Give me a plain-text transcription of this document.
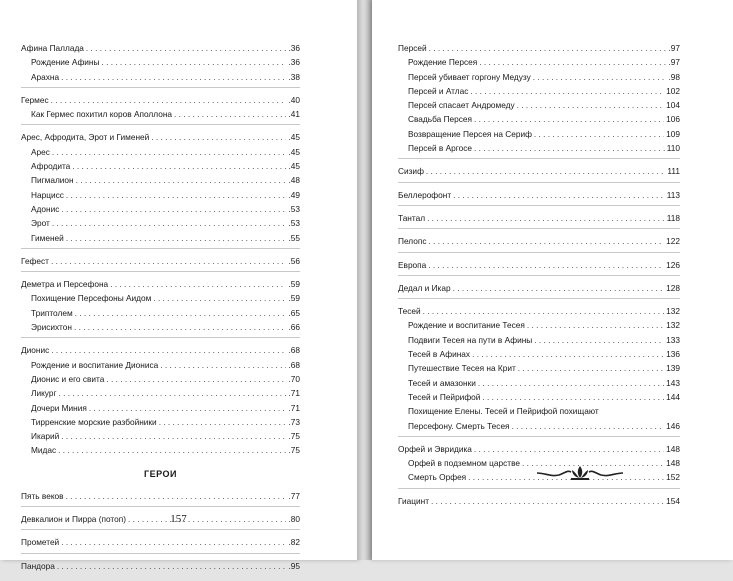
Афина Паллада . . .	.36
Рождение Афины . . .	.36
Арахна . . .	.38
Гермес . . .	.40
Как Гермес похитил коров Аполлона . . .	.41
Арес, Афродита, Эрот и Гименей . . .	.45
Арес . . .	.45
Афродита . . .	.45
Пигмалион . . .	.48
Нарцисс . . .	.49
Адонис . . .	.53
Эрот . . .	.53
Гименей . . .	.55
Гефест . . .	.56
Деметра и Персефона . . .	.59
Похищение Персефоны Аидом . . .	.59
Триптолем . . .	.65
Эрисихтон . . .	.66
Дионис . . .	.68
Рождение и воспитание Диониса . . .	.68
Дионис и его свита . . .	.70
Ликург . . .	.71
Дочери Миния . . .	.71
Тирренские морские разбойники . . .	.73
Икарий . . .	.75
Мидас . . .	.75
ГЕРОИ
Пять веков . . .	.77
Девкалион и Пирра (потоп) . . .	.80
Прометей . . .	.82
Пандора . . .	.95
157
Персей . . .	.97
Рождение Персея . . .	.97
Персей убивает горгону Медузу . . .	.98
Персей и Атлас . . .	102
Персей спасает Андромеду . . .	104
Свадьба Персея . . .	106
Возвращение Персея на Сериф . . .	109
Персей в Аргосе . . .	110
Сизиф . . .	111
Беллерофонт . . .	113
Тантал . . .	118
Пелопс . . .	122
Европа . . .	126
Дедал и Икар . . .	128
Тесей . . .	132
Рождение и воспитание Тесея . . .	132
Подвиги Тесея на пути в Афины . . .	133
Тесей в Афинах . . .	136
Путешествие Тесея на Крит . . .	139
Тесей и амазонки . . .	143
Тесей и Пейрифой . . .	144
Похищение Елены. Тесей и Пейрифой похищают
Персефону. Смерть Тесея . . .	146
Орфей и Эвридика . . .	148
Орфей в подземном царстве . . .	148
Смерть Орфея . . .	152
Гиацинт . . .	154
